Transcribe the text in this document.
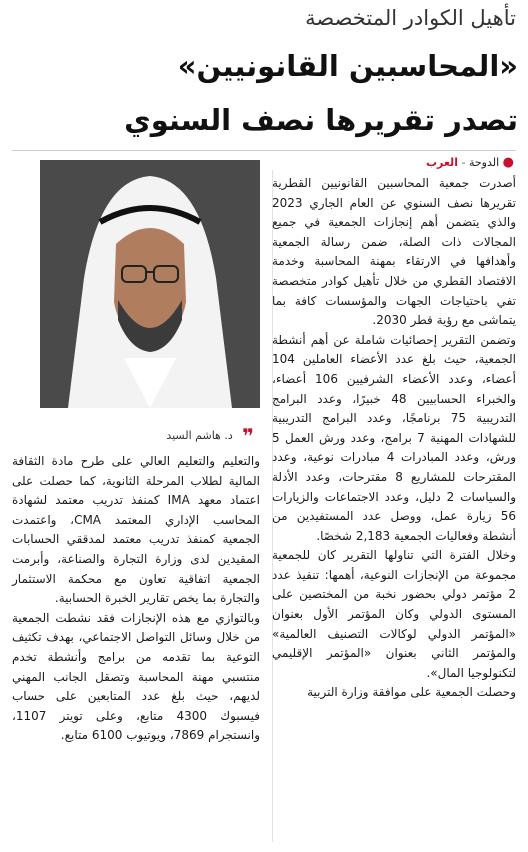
تأهيل الكوادر المتخصصة
«المحاسبين القانونيين»
تصدر تقريرها نصف السنوي
● الدوحة - العرب

أصدرت جمعية المحاسبين القانونيين القطرية تقريرها نصف السنوي عن العام الجاري 2023 والذي يتضمن أهم إنجازات الجمعية في جميع المجالات ذات الصلة، ضمن رسالة الجمعية وأهدافها في الارتقاء بمهنة المحاسبة وخدمة الاقتصاد القطري من خلال تأهيل كوادر متخصصة تفي باحتياجات الجهات والمؤسسات كافة بما يتماشى مع رؤية قطر 2030.

وتضمن التقرير إحصائيات شاملة عن أهم أنشطة الجمعية، حيث بلغ عدد الأعضاء العاملين 104 أعضاء، وعدد الأعضاء الشرفيين 106 أعضاء، والخبراء الحسابيين 48 خبيرًا، وعدد البرامج التدريبية 75 برنامجًا، وعدد البرامج التدريبية للشهادات المهنية 7 برامج، وعدد ورش العمل 5 ورش، وعدد المبادرات 4 مبادرات نوعية، وعدد المقترحات للمشاريع 8 مقترحات، وعدد الأدلة والسياسات 2 دليل، وعدد الاجتماعات والزيارات 56 زيارة عمل، ووصل عدد المستفيدين من أنشطة وفعاليات الجمعية 2,183 شخصًا.

وخلال الفترة التي تناولها التقرير كان للجمعية مجموعة من الإنجازات النوعية، أهمها: تنفيذ عدد 2 مؤتمر دولي بحضور نخبة من المختصين على المستوى الدولي وكان المؤتمر الأول بعنوان «المؤتمر الدولي لوكالات التصنيف العالمية» والمؤتمر الثاني بعنوان «المؤتمر الإقليمي لتكنولوجيا المال».

وحصلت الجمعية على موافقة وزارة التربية

❞ د. هاشم السيد

والتعليم والتعليم العالي على طرح مادة الثقافة المالية لطلاب المرحلة الثانوية، كما حصلت على اعتماد معهد IMA كمنفذ تدريب معتمد لشهادة المحاسب الإداري المعتمد CMA، واعتمدت الجمعية كمنفذ تدريب معتمد لمدققي الحسابات المقيدين لدى وزارة التجارة والصناعة، وأبرمت الجمعية اتفاقية تعاون مع محكمة الاستثمار والتجارة بما يخص تقارير الخبرة الحسابية.

وبالتوازي مع هذه الإنجازات فقد نشطت الجمعية من خلال وسائل التواصل الاجتماعي، بهدف تكثيف التوعية بما تقدمه من برامج وأنشطة تخدم منتسبي مهنة المحاسبة وتصقل الجانب المهني لديهم، حيث بلغ عدد المتابعين على حساب فيسبوك 4300 متابع، وعلى تويتر 1107، وانستجرام 7869، ويوتيوب 6100 متابع.
